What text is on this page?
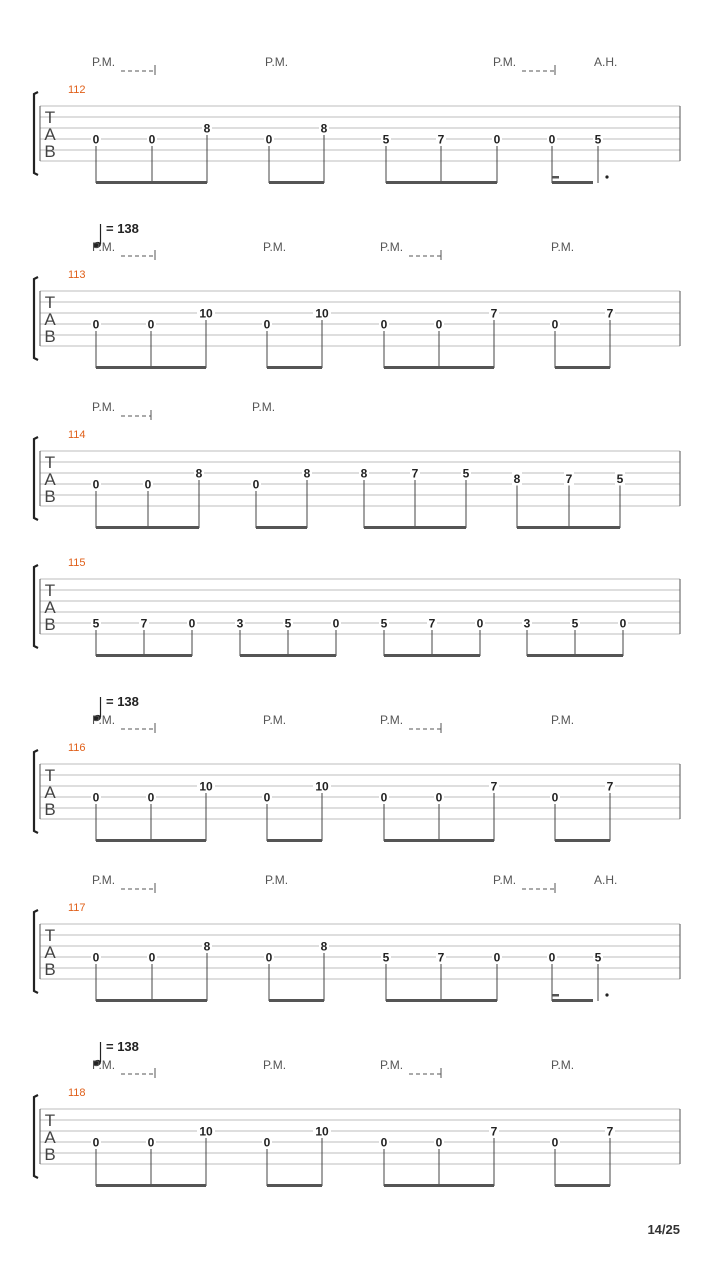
T
A
B
112
P.M.	P.M.	P.M.	A.H.
0	0
8
0
8
5	7	0	0	5
T
A
B
113
= 138
P.M.	P.M.	P.M.	P.M.
0	0
10
0
10
0	0
7
0
7
T
A
B
114
P.M.	P.M.
0	0
8
0
8	8	7	5	8	7	5
T
A
B
115
5	7	0	3	5	0	5	7	0	3	5	0
T
A
B
116
= 138
P.M.	P.M.	P.M.	P.M.
0	0
10
0
10
0	0
7
0
7
T
A
B
117
P.M.	P.M.	P.M.	A.H.
0	0
8
0
8
5	7	0	0	5
T
A
B
118
= 138
P.M.	P.M.	P.M.	P.M.
0	0
10
0
10
0	0
7
0
7
14/25
